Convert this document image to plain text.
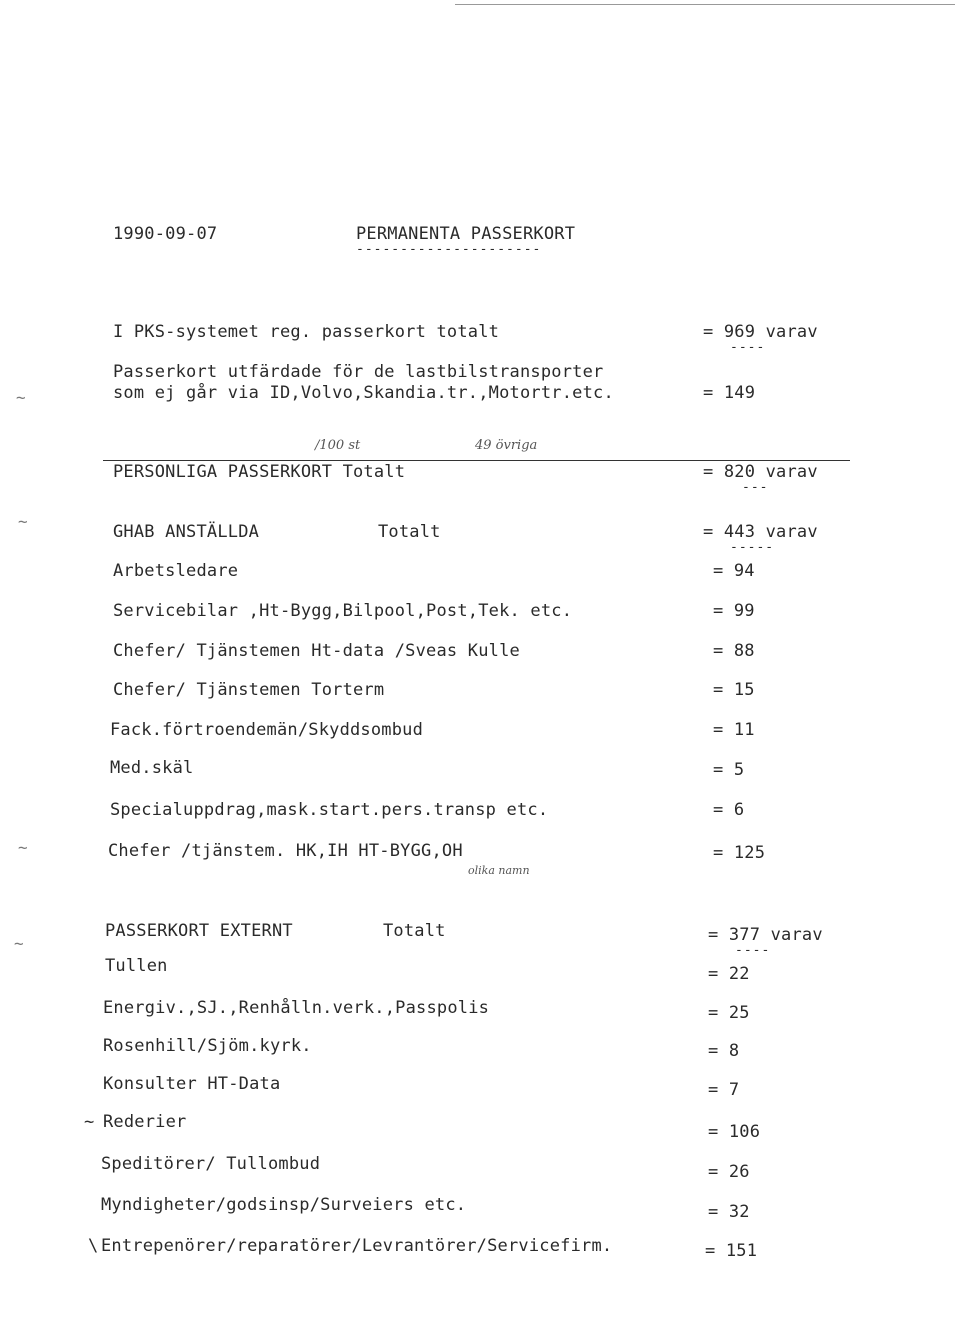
~
~
~
~
1990-09-07	PERMANENTA PASSERKORT
---------------------
I PKS-systemet reg. passerkort totalt	= 969 varav
----
Passerkort utfärdade för de lastbilstransporter
som ej går via ID,Volvo,Skandia.tr.,Motortr.etc.	= 149
/100 st	49 övriga
PERSONLIGA PASSERKORT Totalt	= 820 varav
---
GHAB ANSTÄLLDA	Totalt	= 443 varav
-----
Arbetsledare	= 94
Servicebilar ,Ht-Bygg,Bilpool,Post,Tek. etc.	= 99
Chefer/ Tjänstemen Ht-data /Sveas Kulle	= 88
Chefer/ Tjänstemen Torterm	= 15
Fack.förtroendemän/Skyddsombud	= 11
Med.skäl	= 5
Specialuppdrag,mask.start.pers.transp etc.	= 6
Chefer /tjänstem. HK,IH HT-BYGG,OH	= 125
olika namn
PASSERKORT EXTERNT	Totalt	= 377 varav
----
Tullen	= 22
Energiv.,SJ.,Renhålln.verk.,Passpolis	= 25
Rosenhill/Sjöm.kyrk.	= 8
Konsulter HT-Data	= 7
~ Rederier	= 106
Speditörer/ Tullombud	= 26
Myndigheter/godsinsp/Surveiers etc.	= 32
\ Entrepenörer/reparatörer/Levrantörer/Servicefirm.	= 151
